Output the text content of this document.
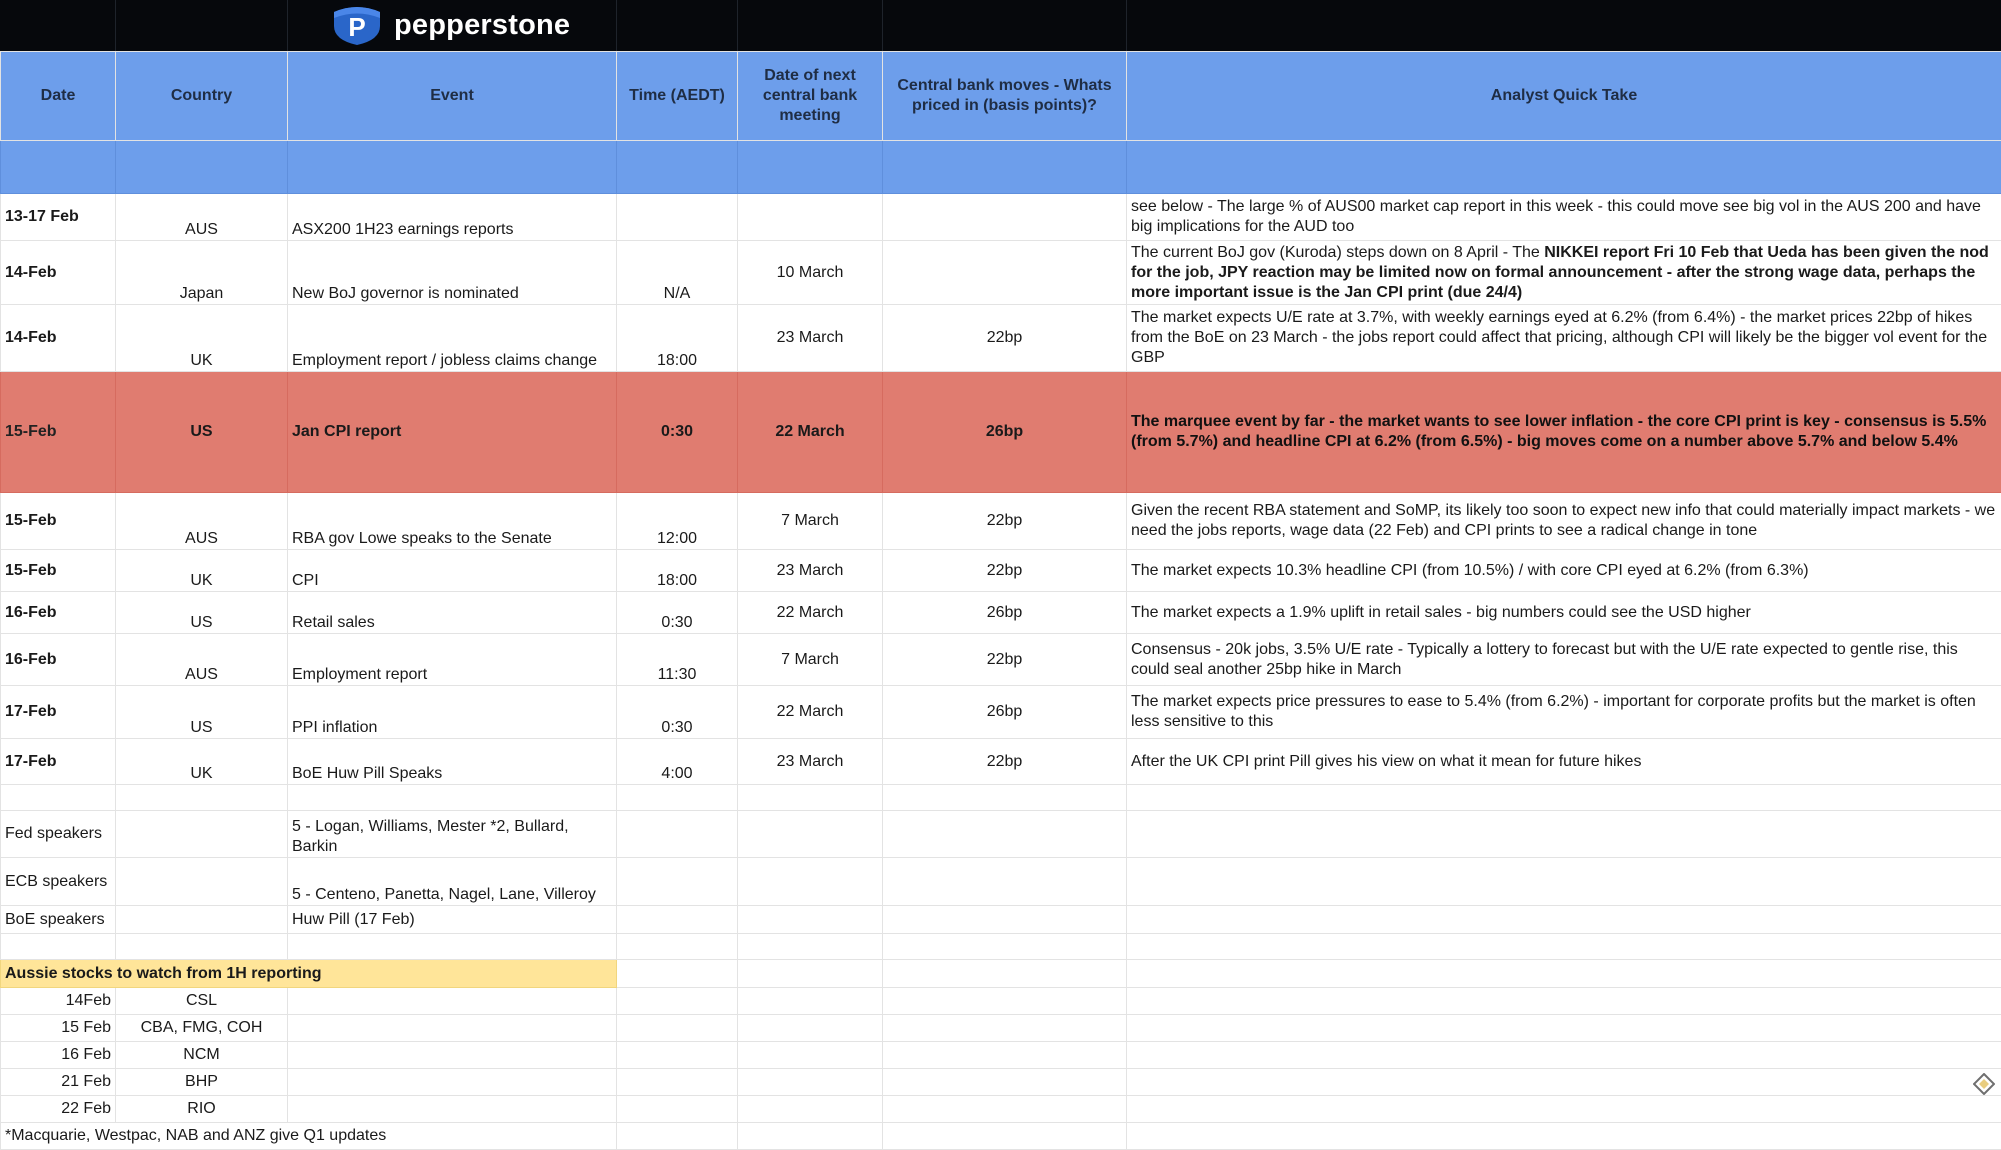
P pepperstone
Date	Country	Event	Time (AEDT)	Date of next central bank meeting	Central bank moves - Whats priced in (basis points)?	Analyst Quick Take

13-17 Feb	AUS	ASX200 1H23 earnings reports				see below - The large % of AUS00 market cap report in this week - this could move see big vol in the AUS 200 and have big implications for the AUD too
14-Feb	Japan	New BoJ governor is nominated	N/A	10 March		The current BoJ gov (Kuroda) steps down on 8 April - The NIKKEI report Fri 10 Feb that Ueda has been given the nod for the job, JPY reaction may be limited now on formal announcement - after the strong wage data, perhaps the more important issue is the Jan CPI print (due 24/4)
14-Feb	UK	Employment report / jobless claims change	18:00	23 March	22bp	The market expects U/E rate at 3.7%, with weekly earnings eyed at 6.2% (from 6.4%) - the market prices 22bp of hikes from the BoE on 23 March - the jobs report could affect that pricing, although CPI will likely be the bigger vol event for the GBP
15-Feb	US	Jan CPI report	0:30	22 March	26bp	The marquee event by far - the market wants to see lower inflation - the core CPI print is key - consensus is 5.5% (from 5.7%) and headline CPI at 6.2% (from 6.5%) - big moves come on a number above 5.7% and below 5.4%
15-Feb	AUS	RBA gov Lowe speaks to the Senate	12:00	7 March	22bp	Given the recent RBA statement and SoMP, its likely too soon to expect new info that could materially impact markets - we need the jobs reports, wage data (22 Feb) and CPI prints to see a radical change in tone
15-Feb	UK	CPI	18:00	23 March	22bp	The market expects 10.3% headline CPI (from 10.5%) / with core CPI eyed at 6.2% (from 6.3%)
16-Feb	US	Retail sales	0:30	22 March	26bp	The market expects a 1.9% uplift in retail sales - big numbers could see the USD higher
16-Feb	AUS	Employment report	11:30	7 March	22bp	Consensus - 20k jobs, 3.5% U/E rate - Typically a lottery to forecast but with the U/E rate expected to gentle rise, this could seal another 25bp hike in March
17-Feb	US	PPI inflation	0:30	22 March	26bp	The market expects price pressures to ease to 5.4% (from 6.2%) - important for corporate profits but the market is often less sensitive to this
17-Feb	UK	BoE Huw Pill Speaks	4:00	23 March	22bp	After the UK CPI print Pill gives his view on what it mean for future hikes

Fed speakers		5 - Logan, Williams, Mester *2, Bullard, Barkin				
ECB speakers		5 - Centeno, Panetta, Nagel, Lane, Villeroy				
BoE speakers		Huw Pill (17 Feb)				

Aussie stocks to watch from 1H reporting						
14Feb	CSL					
15 Feb	CBA, FMG, COH					
16 Feb	NCM					
21 Feb	BHP					
22 Feb	RIO					
*Macquarie, Westpac, NAB and ANZ give Q1 updates						
